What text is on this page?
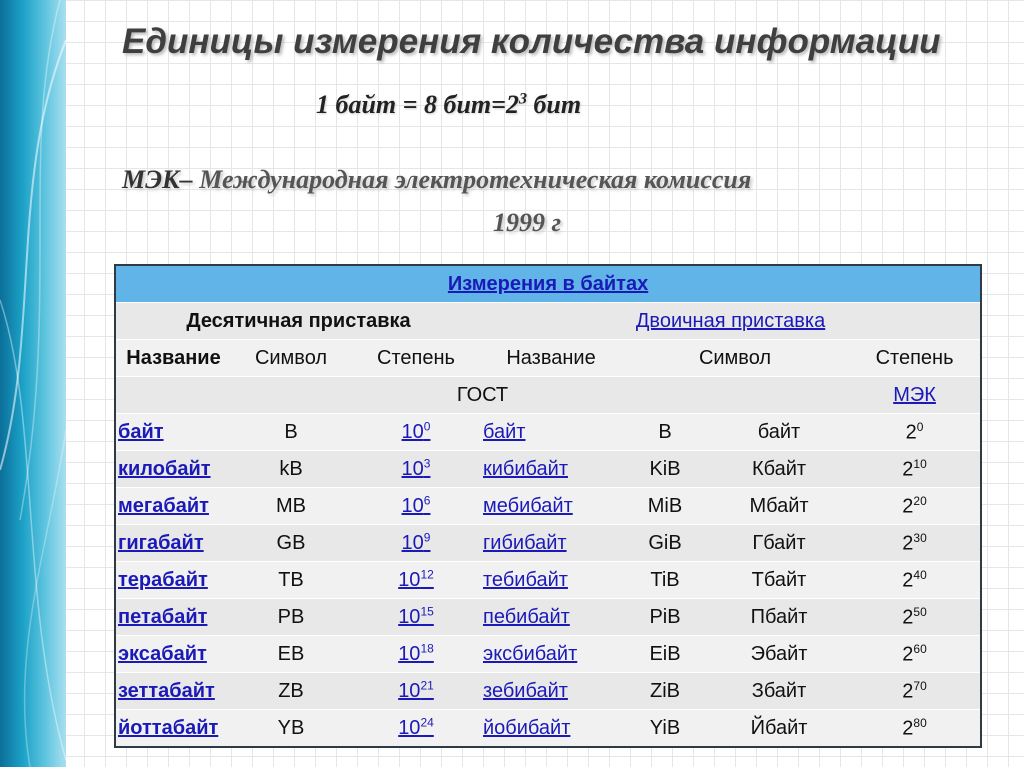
Единицы измерения количества информации
1 байт = 8 $бит=2^3$ бит
МЭК– Международная электротехническая комиссия
1999 г
Измерения в байтах						
Десятичная приставка			Двоичная приставка			
Название	Символ	Степень	Название	Символ		Степень
ГОСТ						МЭК
байт	B	10$^0$	байт	B	байт	$2^0$
килобайт	kB	10$^3$	кибибайт	KiB	Кбайт	$2^{10}$
мегабайт	MB	10$^6$	мебибайт	MiB	Мбайт	$2^{20}$
гигабайт	GB	10$^9$	гибибайт	GiB	Гбайт	$2^{30}$
терабайт	TB	10$^{12}$	тебибайт	TiB	Тбайт	$2^{40}$
петабайт	PB	10$^{15}$	пебибайт	PiB	Пбайт	$2^{50}$
эксабайт	EB	10$^{18}$	эксбибайт	EiB	Эбайт	$2^{60}$
зеттабайт	ZB	10$^{21}$	зебибайт	ZiB	Збайт	$2^{70}$
йоттабайт	YB	10$^{24}$	йобибайт	YiB	Йбайт	$2^{80}$
